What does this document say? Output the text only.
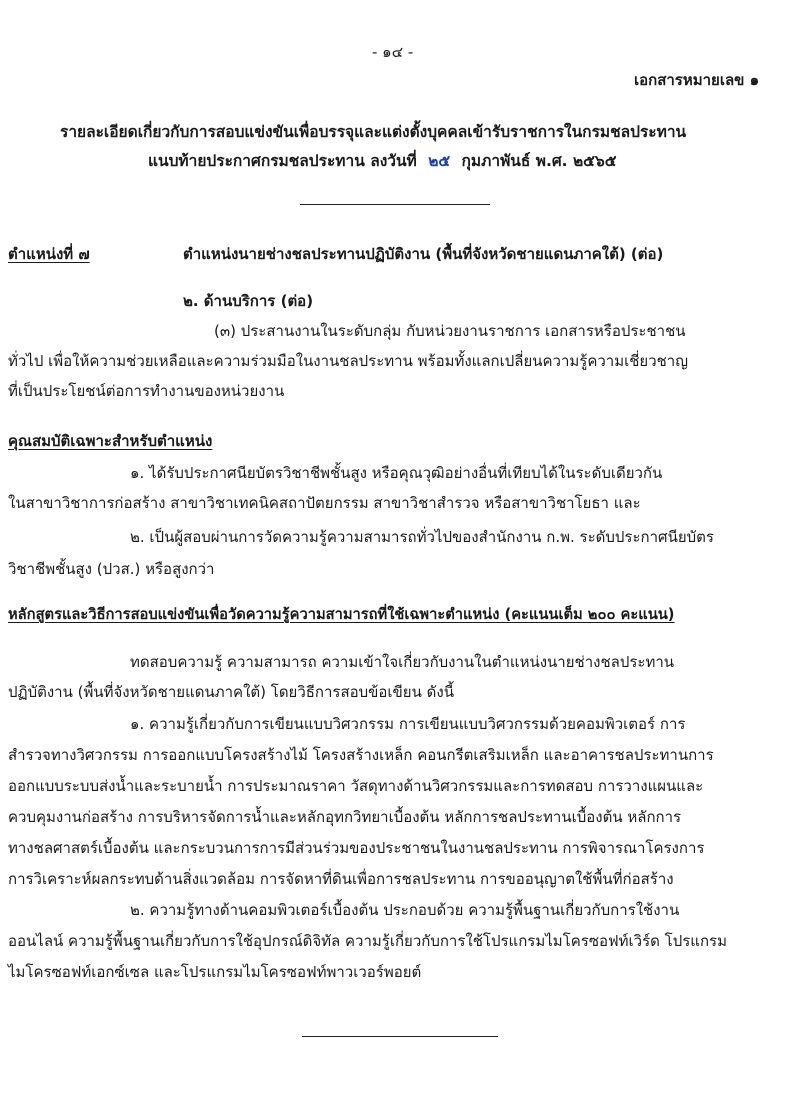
- ๑๔ -
เอกสารหมายเลข ๑
รายละเอียดเกี่ยวกับการสอบแข่งขันเพื่อบรรจุและแต่งตั้งบุคคลเข้ารับราชการในกรมชลประทาน
แนบท้ายประกาศกรมชลประทาน ลงวันที่ ๒๕ กุมภาพันธ์ พ.ศ. ๒๕๖๕
ตำแหน่งที่ ๗	ตำแหน่งนายช่างชลประทานปฏิบัติงาน (พื้นที่จังหวัดชายแดนภาคใต้) (ต่อ)
๒. ด้านบริการ (ต่อ)
(๓) ประสานงานในระดับกลุ่ม กับหน่วยงานราชการ เอกสารหรือประชาชน
ทั่วไป เพื่อให้ความช่วยเหลือและความร่วมมือในงานชลประทาน พร้อมทั้งแลกเปลี่ยนความรู้ความเชี่ยวชาญ
ที่เป็นประโยชน์ต่อการทำงานของหน่วยงาน
คุณสมบัติเฉพาะสำหรับตำแหน่ง
๑. ได้รับประกาศนียบัตรวิชาชีพชั้นสูง หรือคุณวุฒิอย่างอื่นที่เทียบได้ในระดับเดียวกัน
ในสาขาวิชาการก่อสร้าง สาขาวิชาเทคนิคสถาปัตยกรรม สาขาวิชาสำรวจ หรือสาขาวิชาโยธา และ
๒. เป็นผู้สอบผ่านการวัดความรู้ความสามารถทั่วไปของสำนักงาน ก.พ. ระดับประกาศนียบัตร
วิชาชีพชั้นสูง (ปวส.) หรือสูงกว่า
หลักสูตรและวิธีการสอบแข่งขันเพื่อวัดความรู้ความสามารถที่ใช้เฉพาะตำแหน่ง (คะแนนเต็ม ๒๐๐ คะแนน)
ทดสอบความรู้ ความสามารถ ความเข้าใจเกี่ยวกับงานในตำแหน่งนายช่างชลประทาน
ปฏิบัติงาน (พื้นที่จังหวัดชายแดนภาคใต้) โดยวิธีการสอบข้อเขียน ดังนี้
๑. ความรู้เกี่ยวกับการเขียนแบบวิศวกรรม การเขียนแบบวิศวกรรมด้วยคอมพิวเตอร์ การ
สำรวจทางวิศวกรรม การออกแบบโครงสร้างไม้ โครงสร้างเหล็ก คอนกรีตเสริมเหล็ก และอาคารชลประทานการ
ออกแบบระบบส่งน้ำและระบายน้ำ การประมาณราคา วัสดุทางด้านวิศวกรรมและการทดสอบ การวางแผนและ
ควบคุมงานก่อสร้าง การบริหารจัดการน้ำและหลักอุทกวิทยาเบื้องต้น หลักการชลประทานเบื้องต้น หลักการ
ทางชลศาสตร์เบื้องต้น และกระบวนการการมีส่วนร่วมของประชาชนในงานชลประทาน การพิจารณาโครงการ
การวิเคราะห์ผลกระทบด้านสิ่งแวดล้อม การจัดหาที่ดินเพื่อการชลประทาน การขออนุญาตใช้พื้นที่ก่อสร้าง
๒. ความรู้ทางด้านคอมพิวเตอร์เบื้องต้น ประกอบด้วย ความรู้พื้นฐานเกี่ยวกับการใช้งาน
ออนไลน์ ความรู้พื้นฐานเกี่ยวกับการใช้อุปกรณ์ดิจิทัล ความรู้เกี่ยวกับการใช้โปรแกรมไมโครซอฟท์เวิร์ด โปรแกรม
ไมโครซอฟท์เอกซ์เซล และโปรแกรมไมโครซอฟท์พาวเวอร์พอยต์
